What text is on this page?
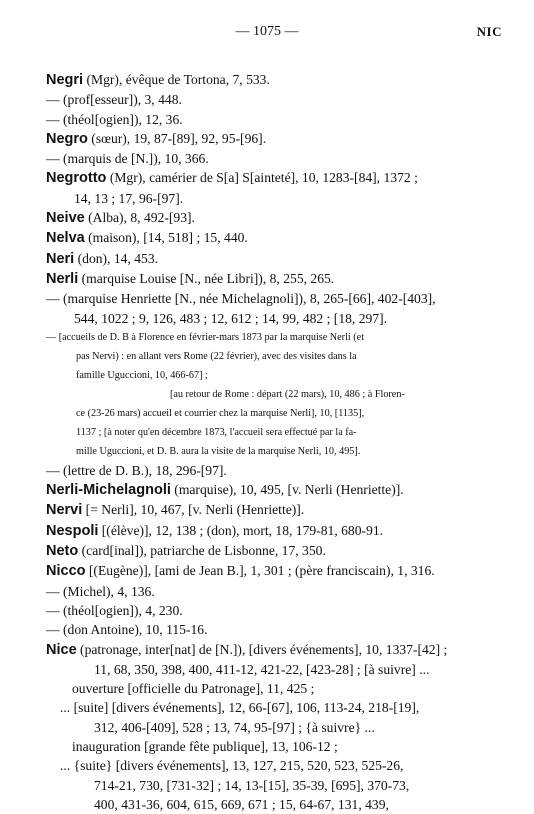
— 1075 —	NIC
Negri (Mgr), évêque de Tortona, 7, 533.
— (prof[esseur]), 3, 448.
— (théol[ogien]), 12, 36.
Negro (sœur), 19, 87-[89], 92, 95-[96].
— (marquis de [N.]), 10, 366.
Negrotto (Mgr), camérier de S[a] S[ainteté], 10, 1283-[84], 1372 ;
14, 13 ; 17, 96-[97].
Neive (Alba), 8, 492-[93].
Nelva (maison), [14, 518] ; 15, 440.
Neri (don), 14, 453.
Nerli (marquise Louise [N., née Libri]), 8, 255, 265.
— (marquise Henriette [N., née Michelagnoli]), 8, 265-[66], 402-[403],
544, 1022 ; 9, 126, 483 ; 12, 612 ; 14, 99, 482 ; [18, 297].
— [accueils de D. B à Florence en février-mars 1873 par la marquise Nerli (et
pas Nervi) : en allant vers Rome (22 février), avec des visites dans la
famille Uguccioni, 10, 466-67] ;
[au retour de Rome : départ (22 mars), 10, 486 ; à Floren-
ce (23-26 mars) accueil et courrier chez la marquise Nerli], 10, [1135],
1137 ; [à noter qu'en décembre 1873, l'accueil sera effectué par la fa-
mille Uguccioni, et D. B. aura la visite de la marquise Nerli, 10, 495].
— (lettre de D. B.), 18, 296-[97].
Nerli-Michelagnoli (marquise), 10, 495, [v. Nerli (Henriette)].
Nervi [= Nerli], 10, 467, [v. Nerli (Henriette)].
Nespoli [(élève)], 12, 138 ; (don), mort, 18, 179-81, 680-91.
Neto (card[inal]), patriarche de Lisbonne, 17, 350.
Nicco [(Eugène)], [ami de Jean B.], 1, 301 ; (père franciscain), 1, 316.
— (Michel), 4, 136.
— (théol[ogien]), 4, 230.
— (don Antoine), 10, 115-16.
Nice (patronage, inter[nat] de [N.]), [divers événements], 10, 1337-[42] ;
11, 68, 350, 398, 400, 411-12, 421-22, [423-28] ; [à suivre] ...
ouverture [officielle du Patronage], 11, 425 ;
... [suite] [divers événements], 12, 66-[67], 106, 113-24, 218-[19],
312, 406-[409], 528 ; 13, 74, 95-[97] ; {à suivre} ...
inauguration [grande fête publique], 13, 106-12 ;
... {suite} [divers événements], 13, 127, 215, 520, 523, 525-26,
714-21, 730, [731-32] ; 14, 13-[15], 35-39, [695], 370-73,
400, 431-36, 604, 615, 669, 671 ; 15, 64-67, 131, 439,
